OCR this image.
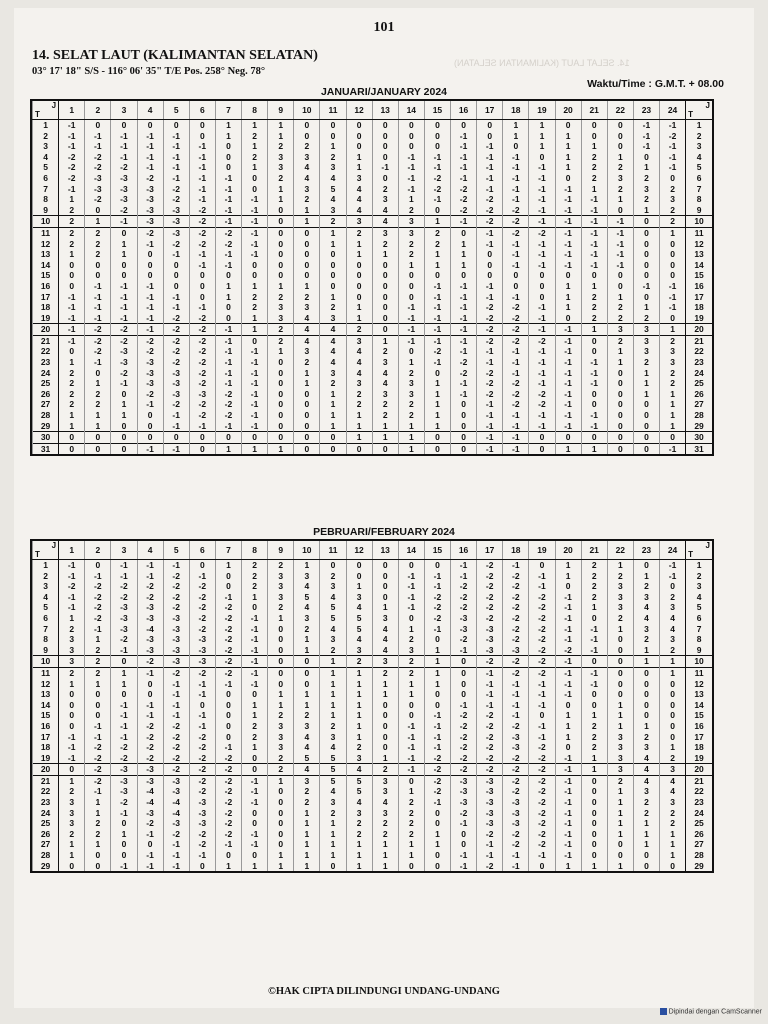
101
14. SELAT LAUT (KALIMANTAN SELATAN)
14. SELAT LAUT (KALIMANTAN SELATAN)
03° 17' 18" S/S - 116° 06' 35" T/E Pos. 258° Neg. 78°
Waktu/Time : G.M.T. + 08.00
JANUARI/JANUARY 2024
J
T	1	2	3	4	5	6	7	8	9	10	11	12	13	14	15	16	17	18	19	20	21	22	23	24	J
T

1	-1	0	0	0	0	0	1	1	1	0	0	0	0	0	0	0	0	1	1	0	0	0	-1	-1	1
2	-1	-1	-1	-1	-1	0	1	2	1	0	0	0	0	0	0	-1	0	1	1	1	0	0	-1	-2	2
3	-1	-1	-1	-1	-1	-1	0	1	2	2	1	0	0	0	0	-1	-1	0	1	1	1	0	-1	-1	3
4	-2	-2	-1	-1	-1	-1	0	2	3	3	2	1	0	-1	-1	-1	-1	-1	0	1	2	1	0	-1	4
5	-2	-2	-2	-1	-1	-1	0	1	3	4	3	1	-1	-1	-1	-1	-1	-1	-1	1	2	2	1	-1	5
6	-2	-3	-3	-2	-1	-1	-1	0	2	4	4	3	0	-1	-2	-1	-1	-1	-1	0	2	3	2	0	6
7	-1	-3	-3	-3	-2	-1	-1	0	1	3	5	4	2	-1	-2	-2	-1	-1	-1	-1	1	2	3	2	7
8	1	-2	-3	-3	-2	-1	-1	-1	1	2	4	4	3	1	-1	-2	-2	-1	-1	-1	-1	1	2	3	8
9	2	0	-2	-3	-3	-2	-1	-1	0	1	3	4	4	2	0	-2	-2	-2	-1	-1	-1	0	1	2	9
10	2	1	-1	-3	-3	-2	-1	-1	0	1	2	3	4	3	1	-1	-2	-2	-1	-1	-1	-1	0	2	10
11	2	2	0	-2	-3	-2	-2	-1	0	0	1	2	3	3	2	0	-1	-2	-2	-1	-1	-1	0	1	11
12	2	2	1	-1	-2	-2	-2	-1	0	0	1	1	2	2	2	1	-1	-1	-1	-1	-1	-1	0	0	12
13	1	2	1	0	-1	-1	-1	-1	0	0	0	1	1	2	1	1	0	-1	-1	-1	-1	-1	0	0	13
14	0	0	0	0	0	-1	-1	0	0	0	0	0	0	1	1	1	0	-1	-1	-1	-1	-1	0	0	14
15	0	0	0	0	0	0	0	0	0	0	0	0	0	0	0	0	0	0	0	0	0	0	0	0	15
16	0	-1	-1	-1	0	0	1	1	1	1	0	0	0	0	-1	-1	-1	0	0	1	1	0	-1	-1	16
17	-1	-1	-1	-1	-1	0	1	2	2	2	1	0	0	0	-1	-1	-1	-1	0	1	2	1	0	-1	17
18	-1	-1	-1	-1	-1	-1	0	2	3	3	2	1	0	-1	-1	-1	-2	-2	-1	1	2	2	1	-1	18
19	-1	-1	-1	-1	-2	-2	0	1	3	4	3	1	0	-1	-1	-1	-2	-2	-1	0	2	2	2	0	19
20	-1	-2	-2	-1	-2	-2	-1	1	2	4	4	2	0	-1	-1	-1	-2	-2	-1	-1	1	3	3	1	20
21	-1	-2	-2	-2	-2	-2	-1	0	2	4	4	3	1	-1	-1	-1	-2	-2	-2	-1	0	2	3	2	21
22	0	-2	-3	-2	-2	-2	-1	-1	1	3	4	4	2	0	-2	-1	-1	-1	-1	-1	0	1	3	3	22
23	1	-1	-3	-3	-2	-2	-1	-1	0	2	4	4	3	1	-1	-2	-1	-1	-1	-1	-1	1	2	3	23
24	2	0	-2	-3	-3	-2	-1	-1	0	1	3	4	4	2	0	-2	-2	-1	-1	-1	-1	0	1	2	24
25	2	1	-1	-3	-3	-2	-1	-1	0	1	2	3	4	3	1	-1	-2	-2	-1	-1	-1	0	1	2	25
26	2	2	0	-2	-3	-3	-2	-1	0	0	1	2	3	3	1	-1	-2	-2	-2	-1	0	0	1	1	26
27	2	2	1	-1	-2	-2	-2	-1	0	0	1	2	2	2	1	0	-1	-2	-2	-1	0	0	0	1	27
28	1	1	1	0	-1	-2	-2	-1	0	0	1	1	2	2	1	0	-1	-1	-1	-1	-1	0	0	1	28
29	1	1	0	0	-1	-1	-1	-1	0	0	1	1	1	1	1	0	-1	-1	-1	-1	-1	0	0	1	29
30	0	0	0	0	0	0	0	0	0	0	0	1	1	1	0	0	-1	-1	0	0	0	0	0	0	30
31	0	0	0	-1	-1	0	1	1	1	0	0	0	0	1	0	0	-1	-1	0	1	1	0	0	-1	31
PEBRUARI/FEBRUARY 2024
J
T	1	2	3	4	5	6	7	8	9	10	11	12	13	14	15	16	17	18	19	20	21	22	23	24	J
T

1	-1	0	-1	-1	-1	0	1	2	2	1	0	0	0	0	0	-1	-2	-1	0	1	2	1	0	-1	1
2	-1	-1	-1	-1	-2	-1	0	2	3	3	2	0	0	-1	-1	-1	-2	-2	-1	1	2	2	1	-1	2
3	-2	-2	-2	-2	-2	-2	0	2	3	4	3	1	0	-1	-1	-2	-2	-2	-1	0	2	3	2	0	3
4	-1	-2	-2	-2	-2	-2	-1	1	3	5	4	3	0	-1	-2	-2	-2	-2	-2	-1	2	3	3	2	4
5	-1	-2	-3	-3	-2	-2	-2	0	2	4	5	4	1	-1	-2	-2	-2	-2	-2	-1	1	3	4	3	5
6	1	-2	-3	-3	-3	-2	-2	-1	1	3	5	5	3	0	-2	-3	-2	-2	-2	-1	0	2	4	4	6
7	2	-1	-3	-4	-3	-2	-2	-1	0	2	4	5	4	1	-1	-3	-3	-2	-2	-1	-1	1	3	4	7
8	3	1	-2	-3	-3	-3	-2	-1	0	1	3	4	4	2	0	-2	-3	-2	-2	-1	-1	0	2	3	8
9	3	2	-1	-3	-3	-3	-2	-1	0	1	2	3	4	3	1	-1	-3	-3	-2	-2	-1	0	1	2	9
10	3	2	0	-2	-3	-3	-2	-1	0	0	1	2	3	2	1	0	-2	-2	-2	-1	0	0	1	1	10
11	2	2	1	-1	-2	-2	-2	-1	0	0	1	1	2	2	1	0	-1	-2	-2	-1	-1	0	0	1	11
12	1	1	1	0	-1	-1	-1	-1	0	0	1	1	1	1	1	0	-1	-1	-1	-1	-1	0	0	0	12
13	0	0	0	0	-1	-1	0	0	1	1	1	1	1	1	0	0	-1	-1	-1	-1	0	0	0	0	13
14	0	0	-1	-1	-1	0	0	1	1	1	1	1	0	0	0	-1	-1	-1	-1	0	0	1	0	0	14
15	0	0	-1	-1	-1	-1	0	1	2	2	1	1	0	0	-1	-2	-2	-1	0	1	1	1	0	0	15
16	0	-1	-1	-2	-2	-1	0	2	3	3	2	1	0	-1	-1	-2	-2	-2	-1	1	2	1	1	0	16
17	-1	-1	-1	-2	-2	-2	0	2	3	4	3	1	0	-1	-1	-2	-2	-3	-1	1	2	3	2	0	17
18	-1	-2	-2	-2	-2	-2	-1	1	3	4	4	2	0	-1	-1	-2	-2	-3	-2	0	2	3	3	1	18
19	-1	-2	-2	-2	-2	-2	-2	0	2	5	5	3	1	-1	-2	-2	-2	-2	-2	-1	1	3	4	2	19
20	0	-2	-3	-3	-2	-2	-2	0	2	4	5	4	2	-1	-2	-2	-2	-2	-2	-1	1	3	4	3	20
21	1	-2	-3	-3	-3	-2	-2	-1	1	3	5	5	3	0	-2	-3	-3	-2	-2	-1	0	2	4	4	21
22	2	-1	-3	-4	-3	-2	-2	-1	0	2	4	5	3	1	-2	-3	-3	-2	-2	-1	0	1	3	4	22
23	3	1	-2	-4	-4	-3	-2	-1	0	2	3	4	4	2	-1	-3	-3	-3	-2	-1	0	1	2	3	23
24	3	1	-1	-3	-4	-3	-2	0	0	1	2	3	3	2	0	-2	-3	-3	-2	-1	0	1	2	2	24
25	3	2	0	-2	-3	-3	-2	0	0	1	1	2	2	2	0	-1	-3	-3	-2	-1	0	1	1	2	25
26	2	2	1	-1	-2	-2	-2	-1	0	1	1	2	2	2	1	0	-2	-2	-2	-1	0	1	1	1	26
27	1	1	0	0	-1	-2	-1	-1	0	1	1	1	1	1	1	0	-1	-2	-2	-1	0	0	1	1	27
28	1	0	0	-1	-1	-1	0	0	1	1	1	1	1	1	0	-1	-1	-1	-1	-1	0	0	0	1	28
29	0	0	-1	-1	-1	0	1	1	1	1	0	1	1	0	0	-1	-2	-1	0	1	1	1	0	0	29
©HAK CIPTA DILINDUNGI UNDANG-UNDANG
Dipindai dengan CamScanner
